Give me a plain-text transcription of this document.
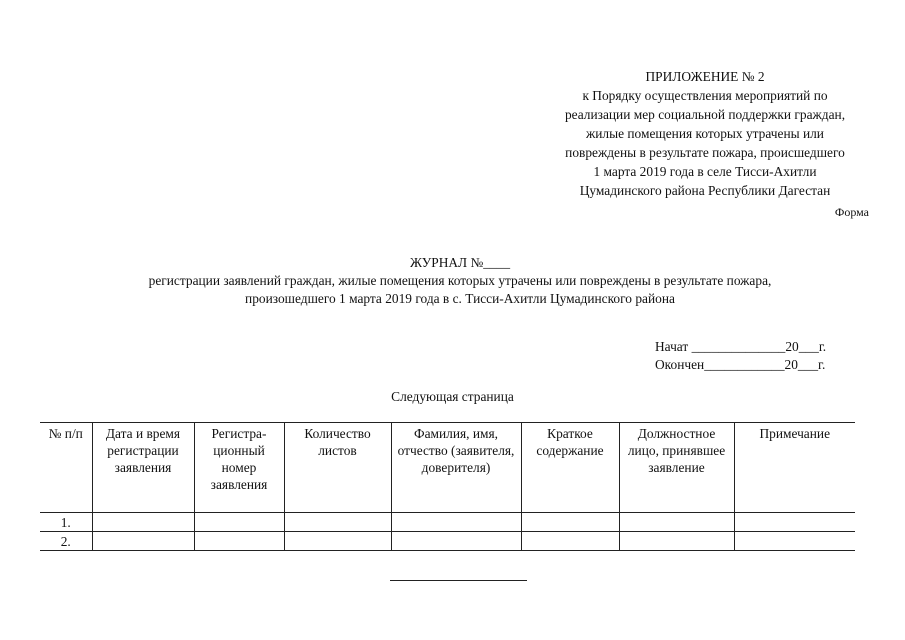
ПРИЛОЖЕНИЕ № 2
к Порядку осуществления мероприятий по
реализации мер социальной поддержки граждан,
жилые помещения которых утрачены или
повреждены в результате пожара, происшедшего
1 марта 2019 года в селе Тисси-Ахитли
Цумадинского района Республики Дагестан
Форма
ЖУРНАЛ №____
регистрации заявлений граждан, жилые помещения которых утрачены или повреждены в результате пожара,
произошедшего 1 марта 2019 года в с. Тисси-Ахитли Цумадинского района
Начат ______________20___г.
Окончен____________20___г.
Следующая страница
№ п/п	Дата и время регистрации заявления	Регистра-ционный номер заявления	Количество листов	Фамилия, имя, отчество (заявителя, доверителя)	Краткое содержание	Должностное лицо, принявшее заявление	Примечание
1.							
2.							
